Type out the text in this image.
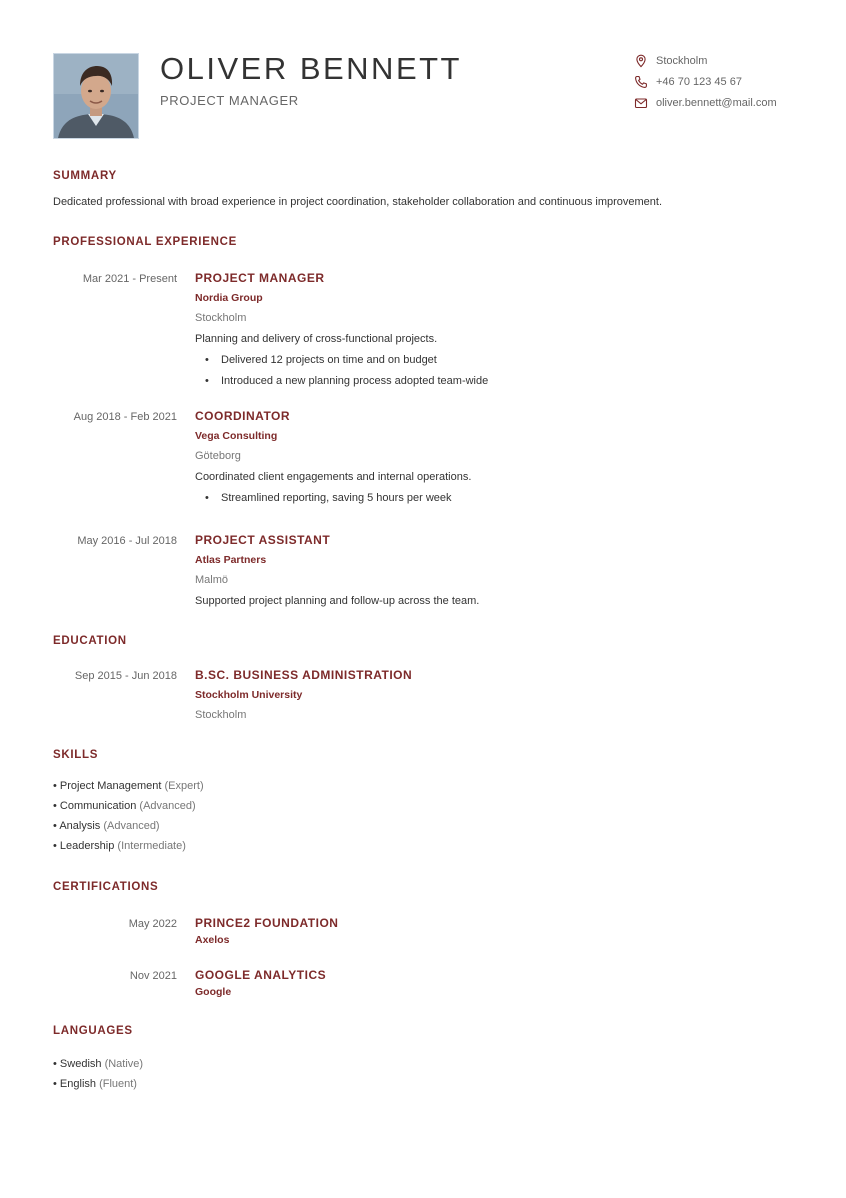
OLIVER BENNETT
PROJECT MANAGER
Stockholm
+46 70 123 45 67
oliver.bennett@mail.com
SUMMARY
Dedicated professional with broad experience in project coordination, stakeholder collaboration and continuous improvement.
PROFESSIONAL EXPERIENCE
Mar 2021 - Present PROJECT MANAGER
Nordia Group
Stockholm
Planning and delivery of cross-functional projects.
• Delivered 12 projects on time and on budget
• Introduced a new planning process adopted team-wide
Aug 2018 - Feb 2021 COORDINATOR
Vega Consulting
Göteborg
Coordinated client engagements and internal operations.
• Streamlined reporting, saving 5 hours per week
May 2016 - Jul 2018 PROJECT ASSISTANT
Atlas Partners
Malmö
Supported project planning and follow-up across the team.
EDUCATION
Sep 2015 - Jun 2018 B.SC. BUSINESS ADMINISTRATION
Stockholm University
Stockholm
SKILLS
• Project Management (Expert)
• Communication (Advanced)
• Analysis (Advanced)
• Leadership (Intermediate)
CERTIFICATIONS
May 2022 PRINCE2 FOUNDATION
Axelos
Nov 2021 GOOGLE ANALYTICS
Google
LANGUAGES
• Swedish (Native)
• English (Fluent)
